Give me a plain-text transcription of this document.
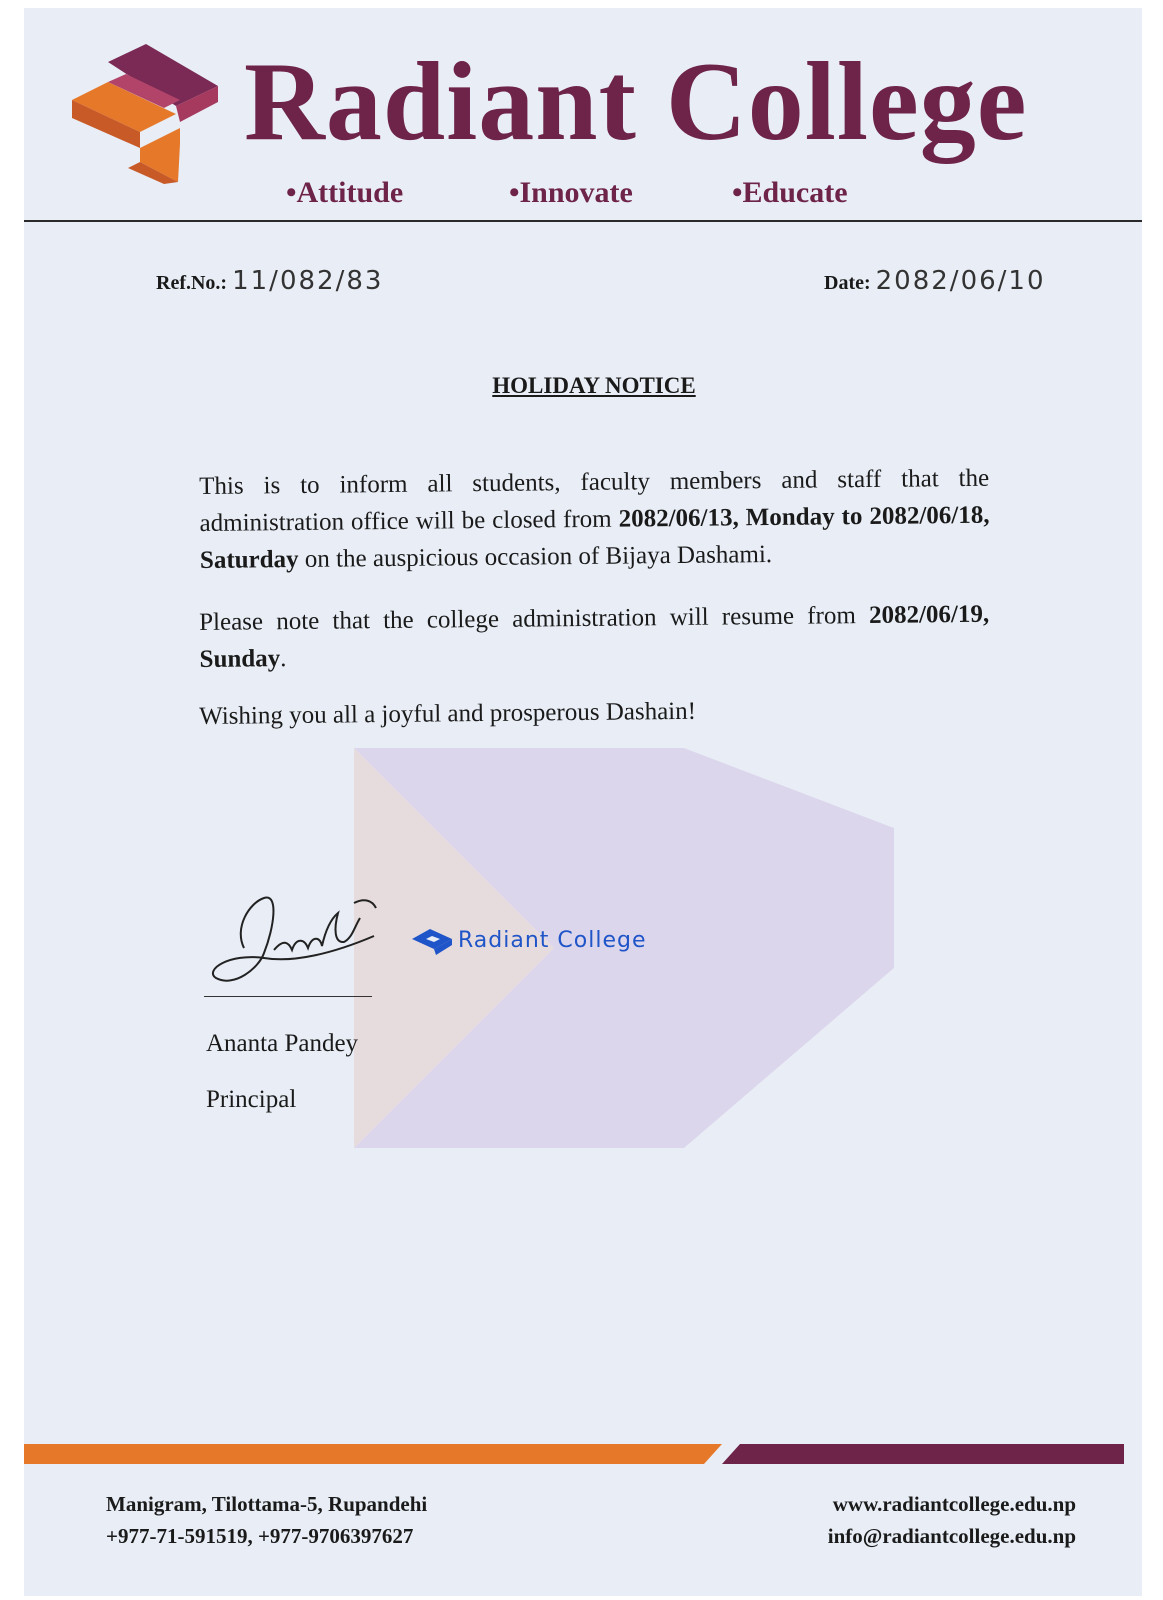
Radiant College
•Attitude	•Innovate	•Educate
Ref.No.: 11/082/83	Date: 2082/06/10
HOLIDAY NOTICE
This is to inform all students, faculty members and staff that the administration office will be closed from 2082/06/13, Monday to 2082/06/18, Saturday on the auspicious occasion of Bijaya Dashami.
Please note that the college administration will resume from 2082/06/19, Sunday.
Wishing you all a joyful and prosperous Dashain!
Radiant College
Ananta Pandey
Principal
Manigram, Tilottama-5, Rupandehi
+977-71-591519, +977-9706397627
www.radiantcollege.edu.np
info@radiantcollege.edu.np
